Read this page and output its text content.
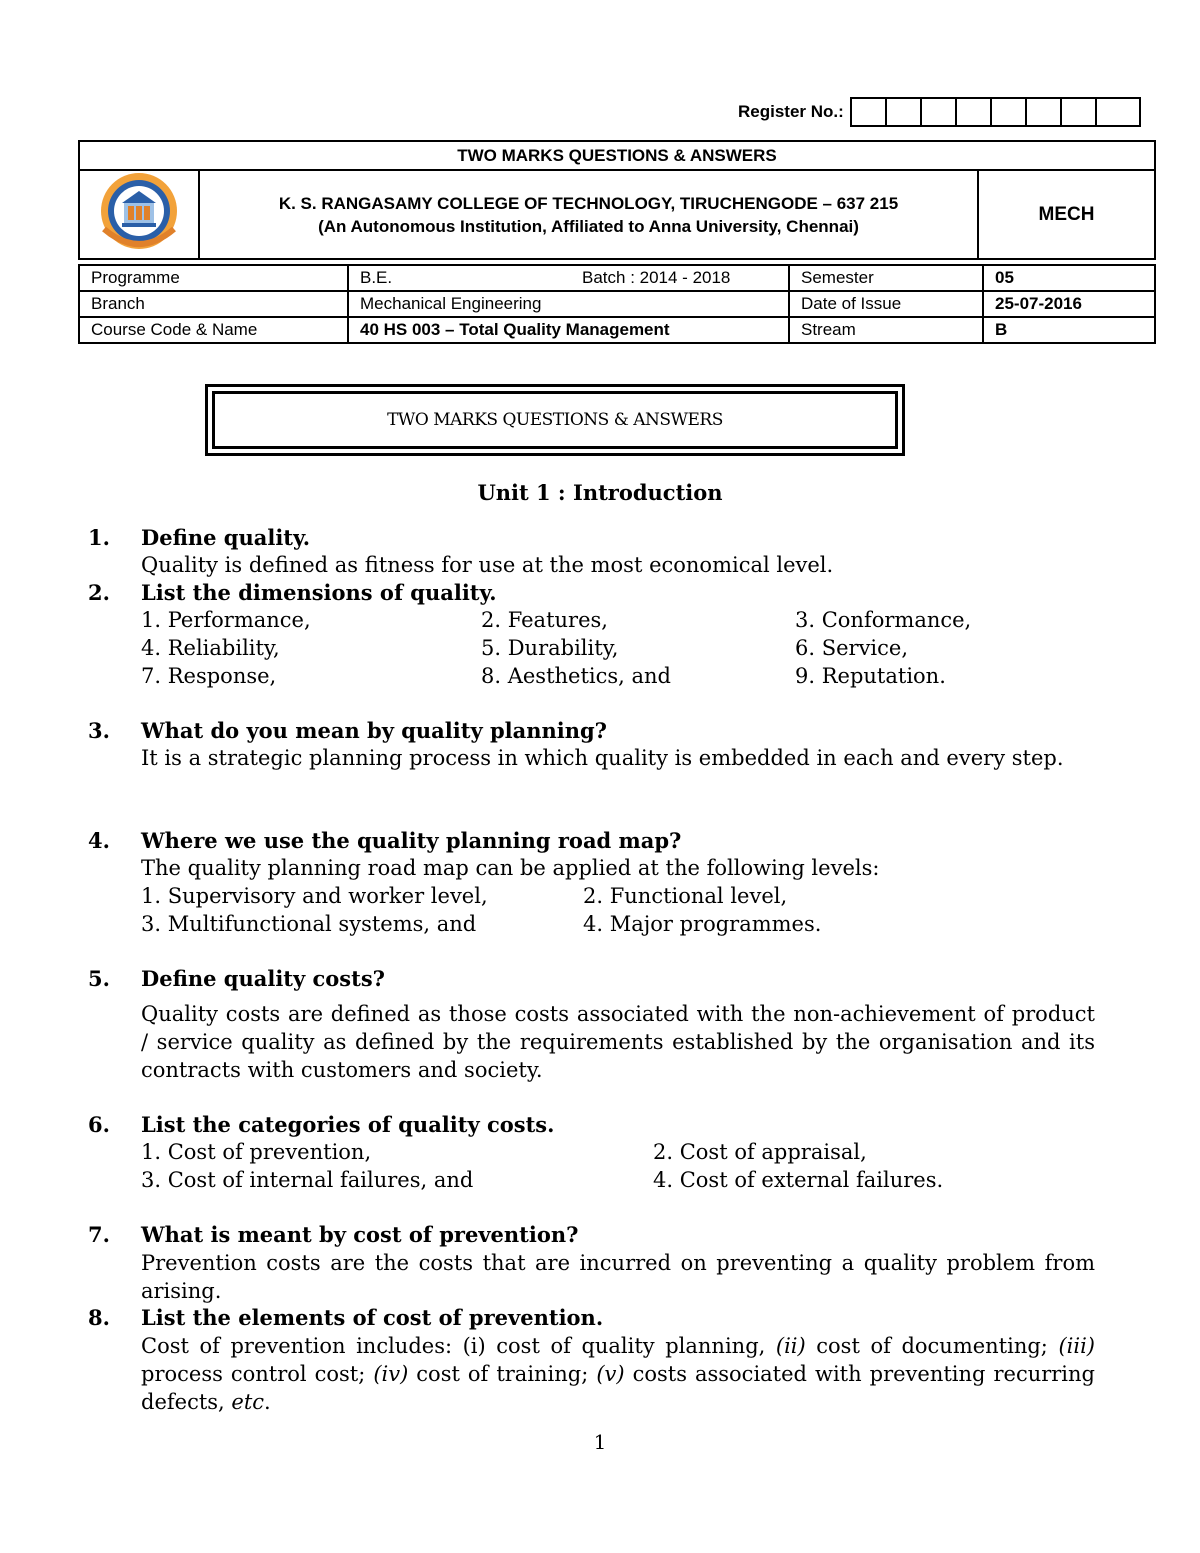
Register No.:
TWO MARKS QUESTIONS & ANSWERS

K. S. RANGASAMY COLLEGE OF TECHNOLOGY, TIRUCHENGODE – 637 215
(An Autonomous Institution, Affiliated to Anna University, Chennai)
	MECH
Programme	B.E. Batch : 2014 - 2018	Semester	05
Branch	Mechanical Engineering	Date of Issue	25-07-2016
Course Code & Name	40 HS 003 – Total Quality Management	Stream	B
TWO MARKS QUESTIONS & ANSWERS
Unit 1 : Introduction
1. Define quality.
Quality is defined as fitness for use at the most economical level.
2. List the dimensions of quality.
1. Performance,	2. Features,	3. Conformance,
4. Reliability,	5. Durability,	6. Service,
7. Response,	8. Aesthetics, and	9. Reputation.
3. What do you mean by quality planning?
It is a strategic planning process in which quality is embedded in each and every step.
4. Where we use the quality planning road map?
The quality planning road map can be applied at the following levels:
1. Supervisory and worker level,	2. Functional level,
3. Multifunctional systems, and	4. Major programmes.
5. Define quality costs?
Quality costs are defined as those costs associated with the non-achievement of product / service quality as defined by the requirements established by the organisation and its contracts with customers and society.
6. List the categories of quality costs.
1. Cost of prevention,	2. Cost of appraisal,
3. Cost of internal failures, and	4. Cost of external failures.
7. What is meant by cost of prevention?
Prevention costs are the costs that are incurred on preventing a quality problem from arising.
8. List the elements of cost of prevention.
Cost of prevention includes: (i) cost of quality planning, (ii) cost of documenting; (iii) process control cost; (iv) cost of training; (v) costs associated with preventing recurring defects, etc.
1
